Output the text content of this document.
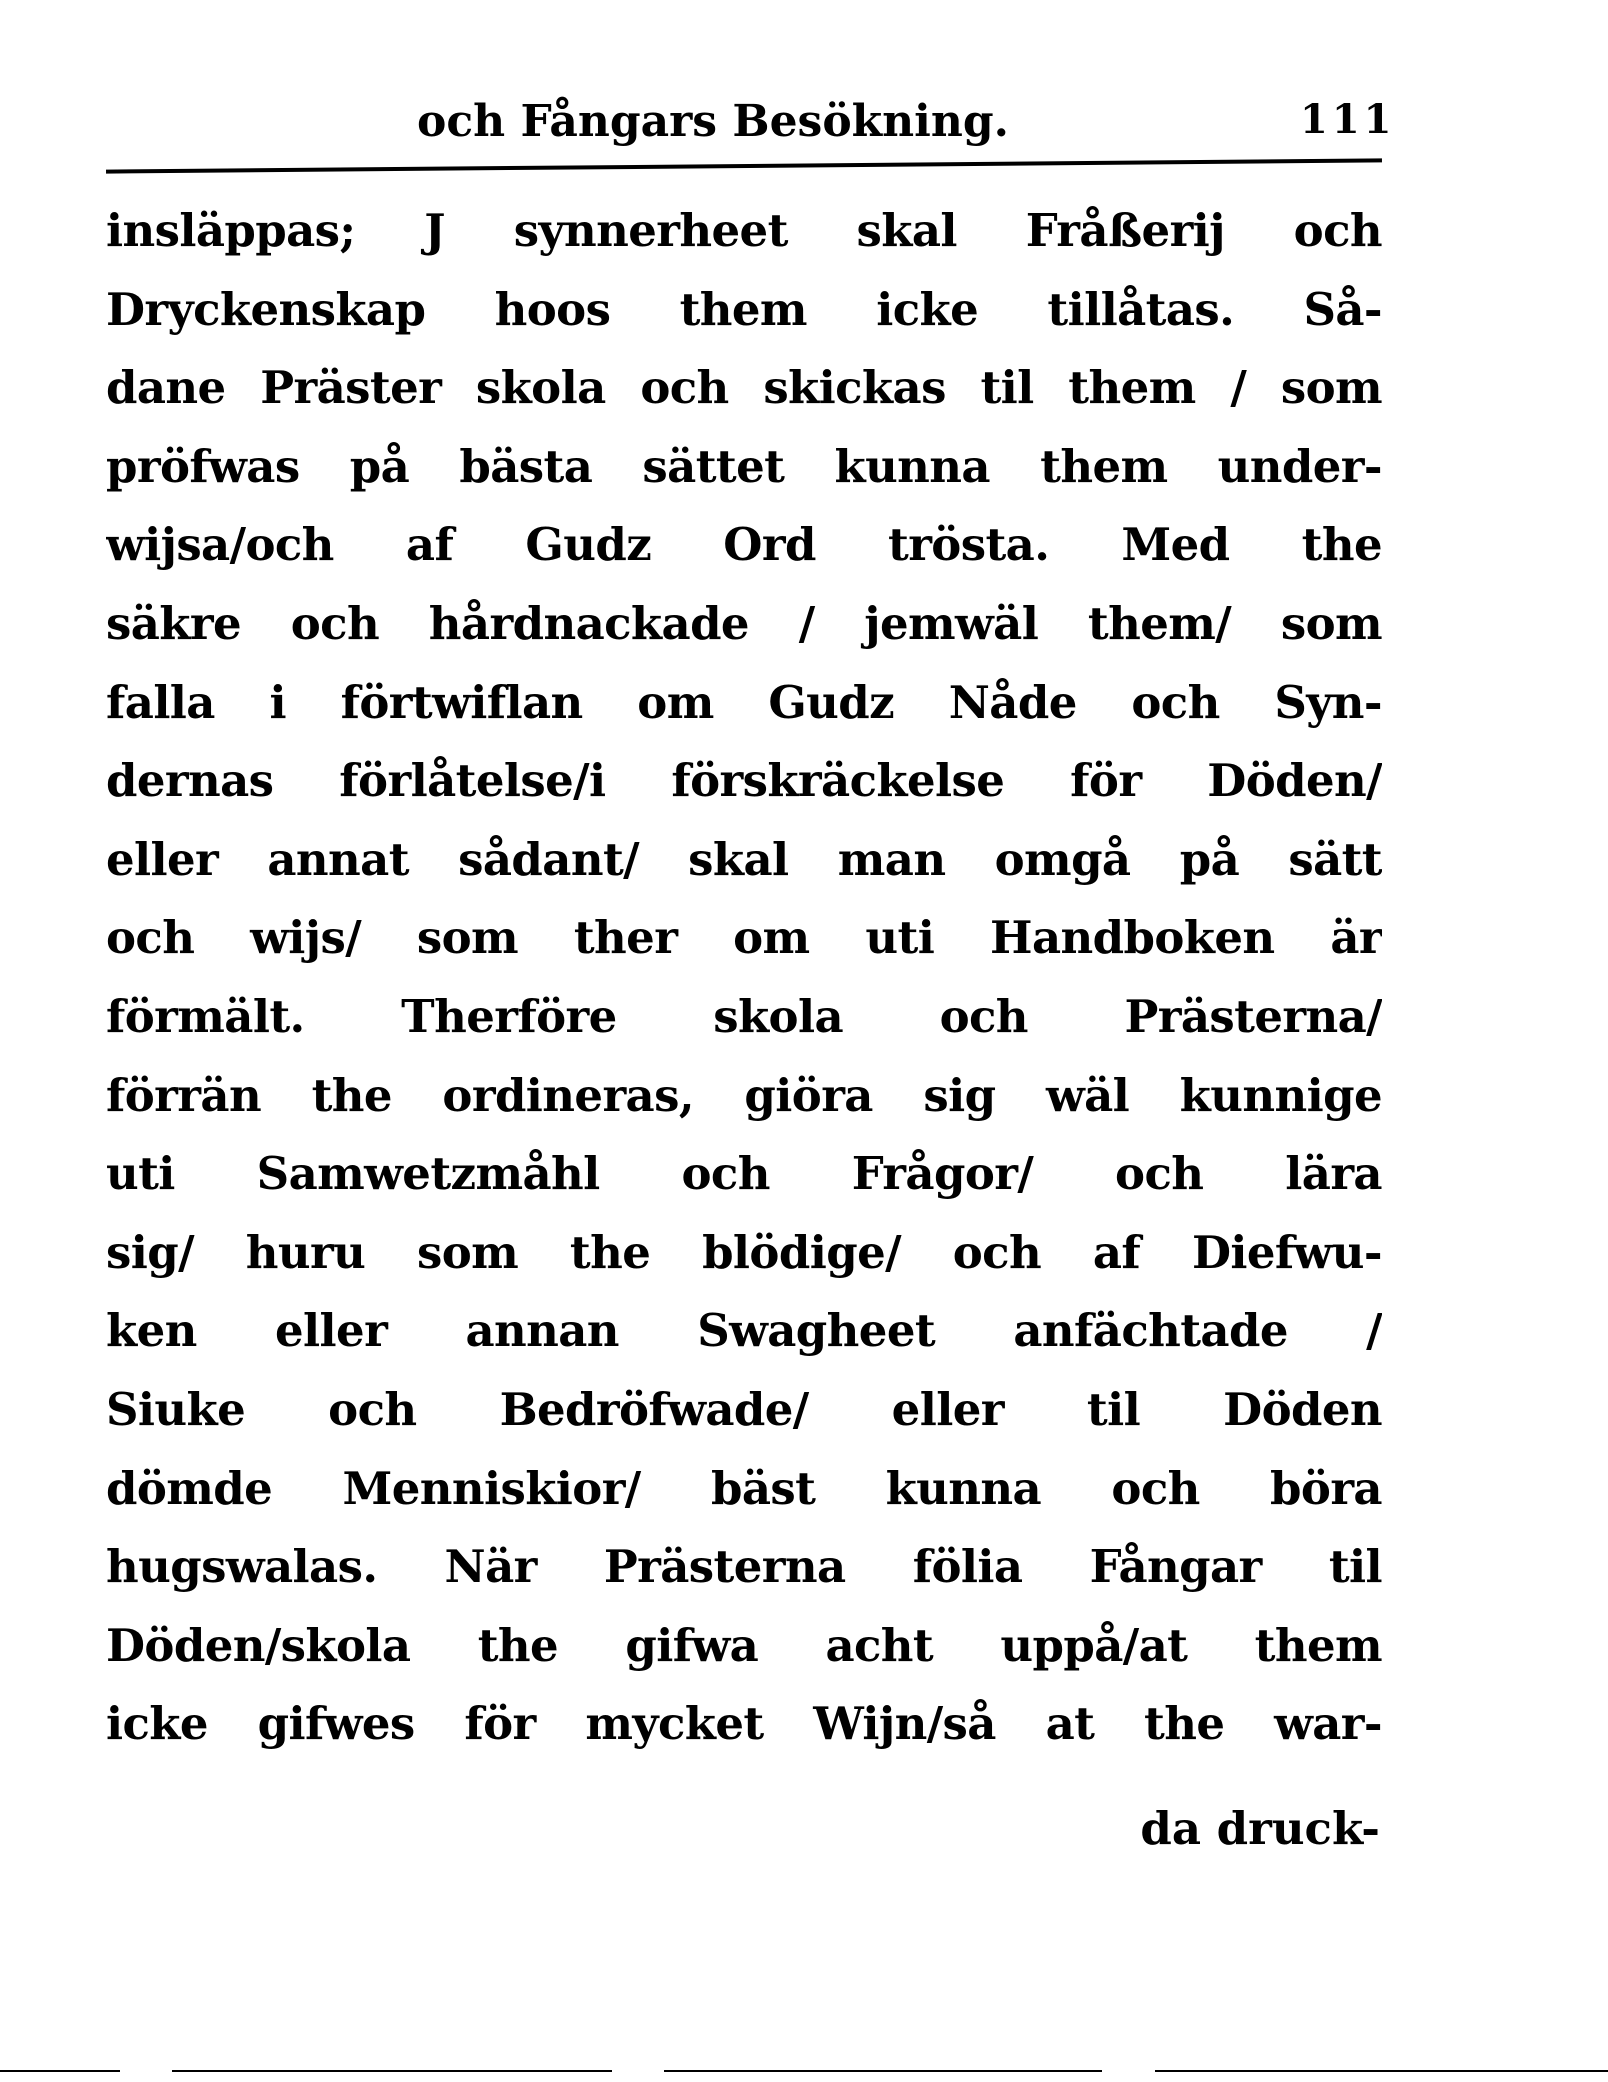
och Fångars Besökning.	111
insläppas; J synnerheet skal Fråßerij och
Dryckenskap hoos them icke tillåtas. Så-
dane Präster skola och skickas til them / som
pröfwas på bästa sättet kunna them under-
wijsa/och af Gudz Ord trösta. Med the
säkre och hårdnackade / jemwäl them/ som
falla i förtwiflan om Gudz Nåde och Syn-
dernas förlåtelse/i förskräckelse för Döden/
eller annat sådant/ skal man omgå på sätt
och wijs/ som ther om uti Handboken är
förmält. Therföre skola och Prästerna/
förrän the ordineras, giöra sig wäl kunnige
uti Samwetzmåhl och Frågor/ och lära
sig/ huru som the blödige/ och af Diefwu-
ken eller annan Swagheet anfächtade /
Siuke och Bedröfwade/ eller til Döden
dömde Menniskior/ bäst kunna och böra
hugswalas. När Prästerna fölia Fångar til
Döden/skola the gifwa acht uppå/at them
icke gifwes för mycket Wijn/så at the war-
da druck-
